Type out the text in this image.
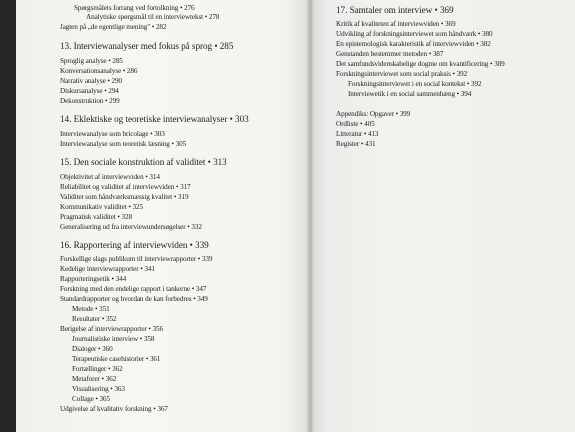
Spørgsmålets forrang ved fortolkning • 276
Analytiske spørgsmål til en interviewtekst • 278
Jagten på „de egentlige mening" • 282
13. Interviewanalyser med fokus på sprog • 285
Sproglig analyse • 285
Konversationsanalyse • 286
Narrativ analyse • 290
Diskursanalyse • 294
Dekonstruktion • 299
14. Eklektiske og teoretiske interviewanalyser • 303
Interviewanalyse som bricolage • 303
Interviewanalyse som teoretisk læsning • 305
15. Den sociale konstruktion af validitet • 313
Objektivitet af interviewviden • 314
Reliabilitet og validitet af interviewviden • 317
Validitet som håndværksmæssig kvalitet • 319
Kommunikativ validitet • 325
Pragmatisk validitet • 328
Generalisering ud fra interviewundersøgelser • 332
16. Rapportering af interviewviden • 339
Forskellige slags publikum til interviewrapporter • 339
Kedelige interviewrapporter • 341
Rapporteringsetik • 344
Forskning med den endelige rapport i tankerne • 347
Standardrapporter og hvordan de kan forbedres • 349
Metode • 351
Resultater • 352
Berigelse af interviewrapporter • 356
Journalistiske interview • 358
Dialoger • 360
Terapeutiske casehistorier • 361
Fortællinger • 362
Metaforer • 362
Visualisering • 363
Collage • 365
Udgivelse af kvalitativ forskning • 367
17. Samtaler om interview • 369
Kritik af kvaliteten af interviewviden • 369
Udvikling af forskningsinterviewet som håndværk • 380
En epistemologisk karakteristik af interviewviden • 382
Genstanden bestemmer metoden • 387
Det samfundsvidenskabelige dogme om kvantificering • 389
Forskningsinterviewet som social praksis • 392
Forskningsinterviewet i en social kontekst • 392
Interviewetik i en social sammenhæng • 394
Appendiks: Opgaver • 399
Ordliste • 405
Litteratur • 413
Register • 431
